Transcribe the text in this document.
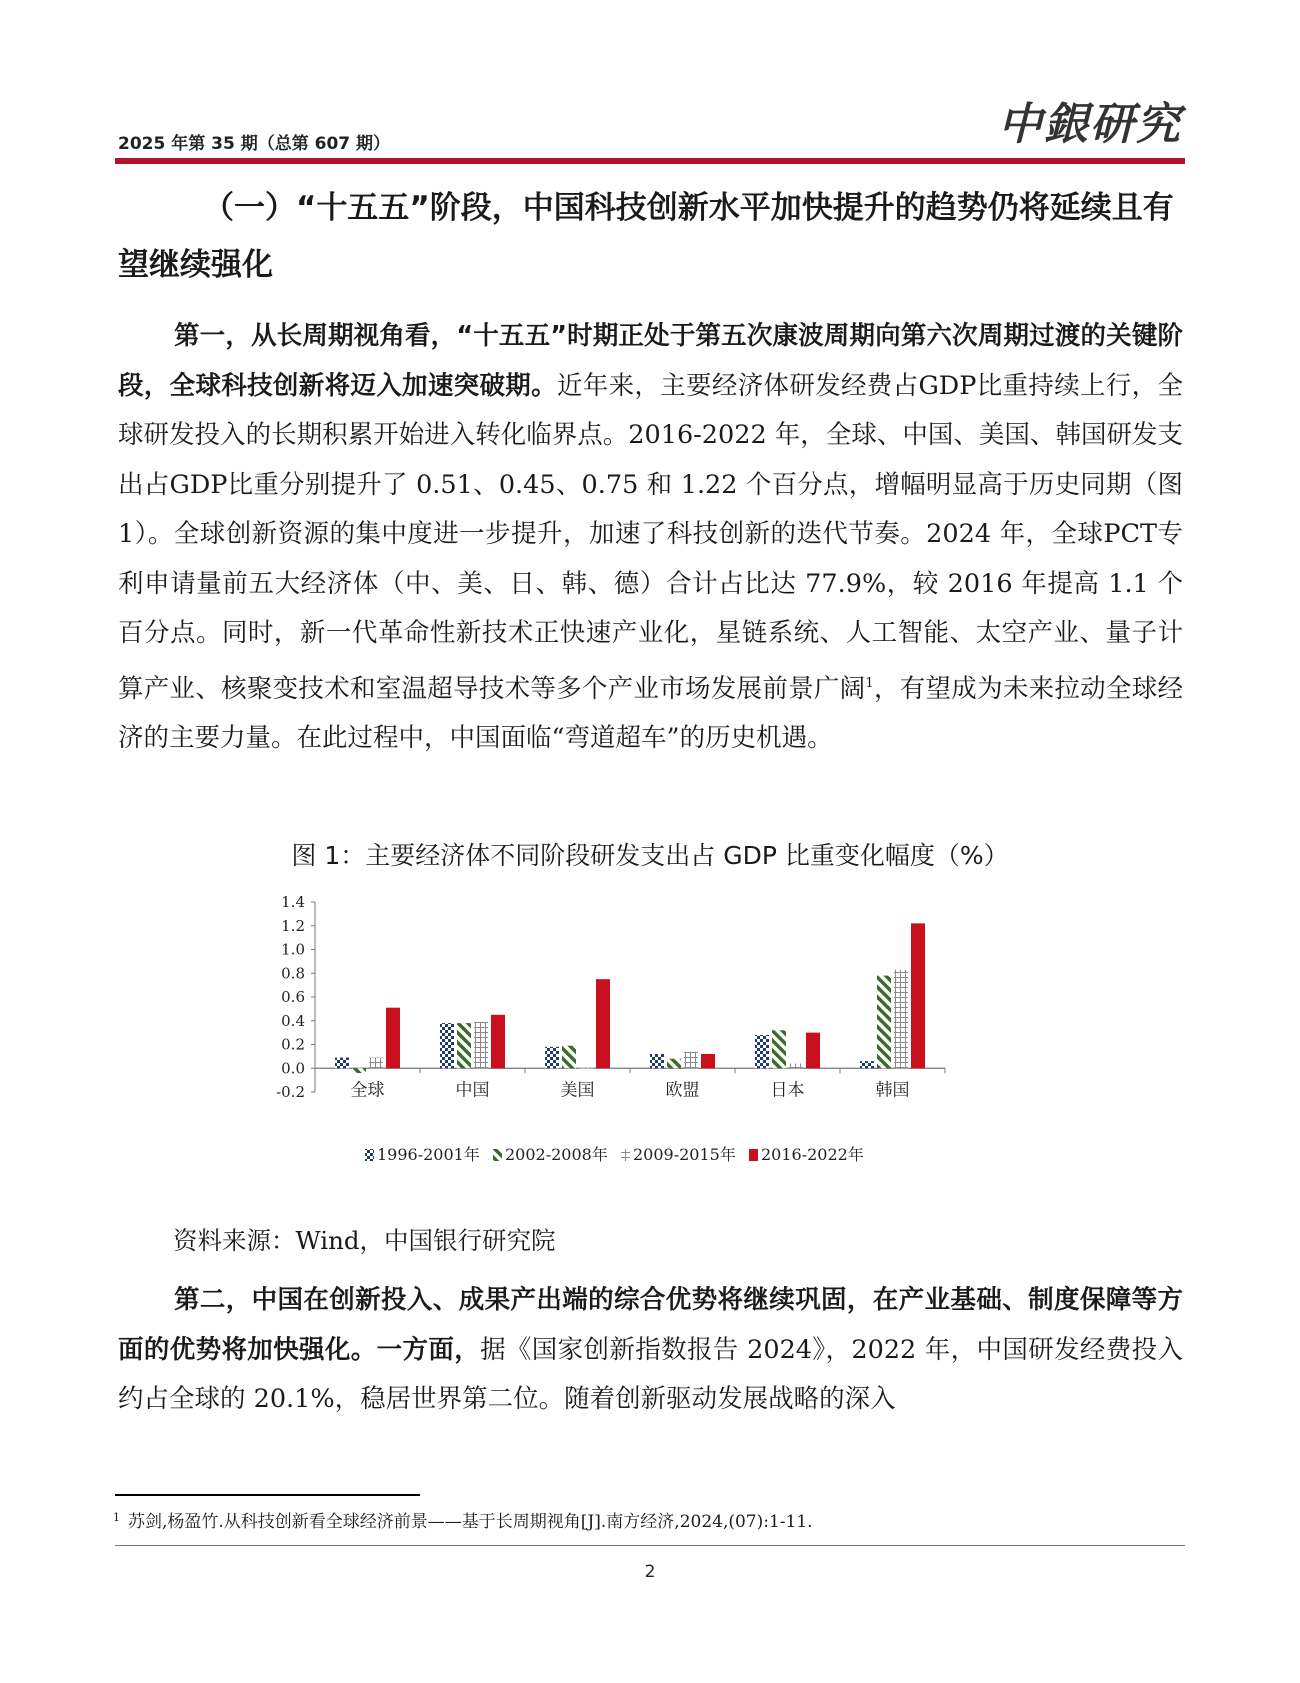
2025 年第 35 期（总第 607 期）	中銀研究
（一）“十五五”阶段，中国科技创新水平加快提升的趋势仍将延续且有望继续强化

第一，从长周期视角看，“十五五”时期正处于第五次康波周期向第六次周期过渡的关键阶段，全球科技创新将迈入加速突破期。近年来，主要经济体研发经费占GDP比重持续上行，全球研发投入的长期积累开始进入转化临界点。2016-2022 年，全球、中国、美国、韩国研发支出占GDP比重分别提升了 0.51、0.45、0.75 和 1.22 个百分点，增幅明显高于历史同期（图 1）。全球创新资源的集中度进一步提升，加速了科技创新的迭代节奏。2024 年，全球PCT专利申请量前五大经济体（中、美、日、韩、德）合计占比达 77.9%，较 2016 年提高 1.1 个百分点。同时，新一代革命性新技术正快速产业化，星链系统、人工智能、太空产业、量子计算产业、核聚变技术和室温超导技术等多个产业市场发展前景广阔$^1$，有望成为未来拉动全球经济的主要力量。在此过程中，中国面临“弯道超车”的历史机遇。

图 1：主要经济体不同阶段研发支出占 GDP 比重变化幅度（%）
1.4
1.2
1.0
0.8
0.6
0.4
0.2
0.0
-0.2	全球	中国	美国	欧盟	日本	韩国
1996-2001年 2002-2008年 2009-2015年 2016-2022年
资料来源：Wind，中国银行研究院

第二，中国在创新投入、成果产出端的综合优势将继续巩固，在产业基础、制度保障等方面的优势将加快强化。一方面，据《国家创新指数报告 2024》，2022 年，中国研发经费投入约占全球的 20.1%，稳居世界第二位。随着创新驱动发展战略的深入

$^1$ 苏剑,杨盈竹.从科技创新看全球经济前景——基于长周期视角[J].南方经济,2024,(07):1-11.
2
